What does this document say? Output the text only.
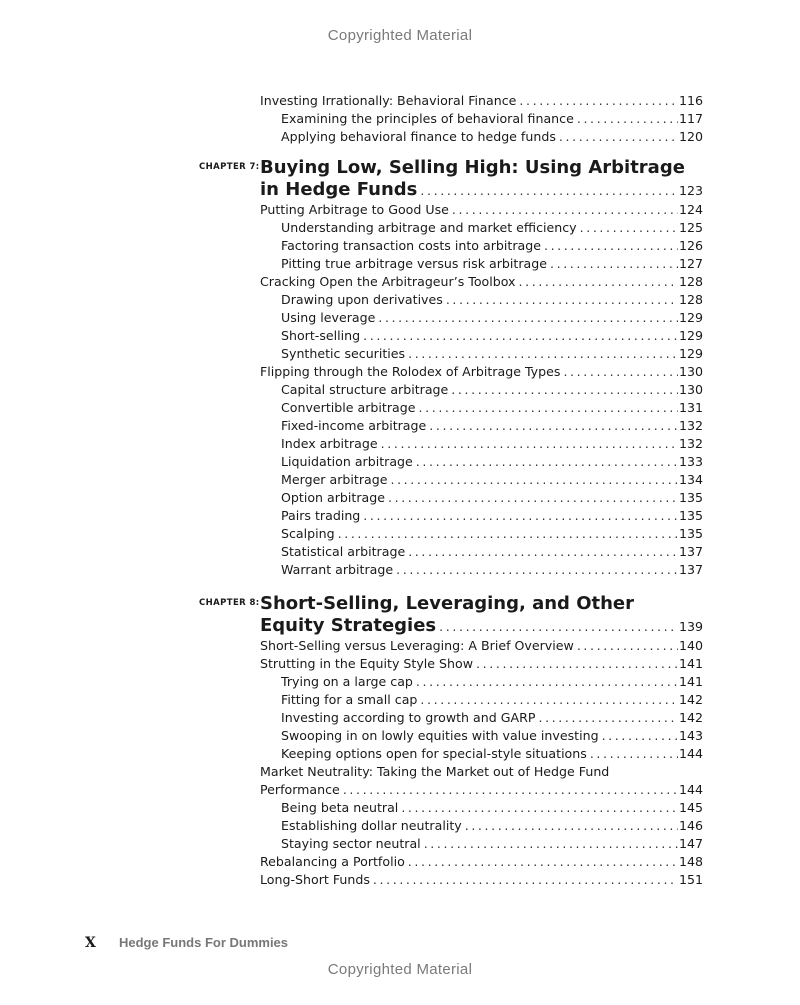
Copyrighted Material
Investing Irrationally: Behavioral Finance .....	116
Examining the principles of behavioral finance .....	117
Applying behavioral finance to hedge funds .....	120
CHAPTER 7: Buying Low, Selling High: Using Arbitrage
in Hedge Funds .....	123
Putting Arbitrage to Good Use .....	124
Understanding arbitrage and market efficiency .....	125
Factoring transaction costs into arbitrage .....	126
Pitting true arbitrage versus risk arbitrage .....	127
Cracking Open the Arbitrageur’s Toolbox .....	128
Drawing upon derivatives .....	128
Using leverage .....	129
Short-selling .....	129
Synthetic securities .....	129
Flipping through the Rolodex of Arbitrage Types .....	130
Capital structure arbitrage .....	130
Convertible arbitrage .....	131
Fixed-income arbitrage .....	132
Index arbitrage .....	132
Liquidation arbitrage .....	133
Merger arbitrage .....	134
Option arbitrage .....	135
Pairs trading .....	135
Scalping .....	135
Statistical arbitrage .....	137
Warrant arbitrage .....	137
CHAPTER 8: Short-Selling, Leveraging, and Other
Equity Strategies .....	139
Short-Selling versus Leveraging: A Brief Overview .....	140
Strutting in the Equity Style Show .....	141
Trying on a large cap .....	141
Fitting for a small cap .....	142
Investing according to growth and GARP .....	142
Swooping in on lowly equities with value investing .....	143
Keeping options open for special-style situations .....	144
Market Neutrality: Taking the Market out of Hedge Fund
Performance .....	144
Being beta neutral .....	145
Establishing dollar neutrality .....	146
Staying sector neutral .....	147
Rebalancing a Portfolio .....	148
Long-Short Funds .....	151
X Hedge Funds For Dummies
Copyrighted Material
